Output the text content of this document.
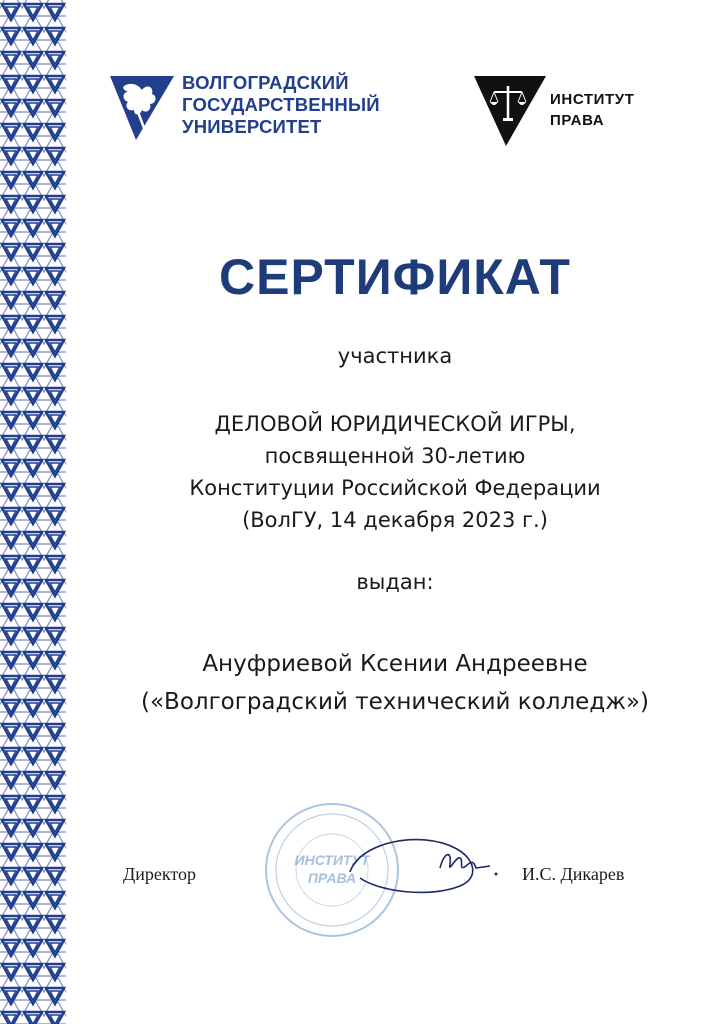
ВОЛГОГРАДСКИЙ
ГОСУДАРСТВЕННЫЙ
УНИВЕРСИТЕТ
ИНСТИТУТ
ПРАВА
СЕРТИФИКАТ
участника
ДЕЛОВОЙ ЮРИДИЧЕСКОЙ ИГРЫ,
посвященной 30-летию
Конституции Российской Федерации
(ВолГУ, 14 декабря 2023 г.)
выдан:
Ануфриевой Ксении Андреевне
(«Волгоградский технический колледж»)
ИНСТИТУТ
ПРАВА
Директор	И.С. Дикарев
